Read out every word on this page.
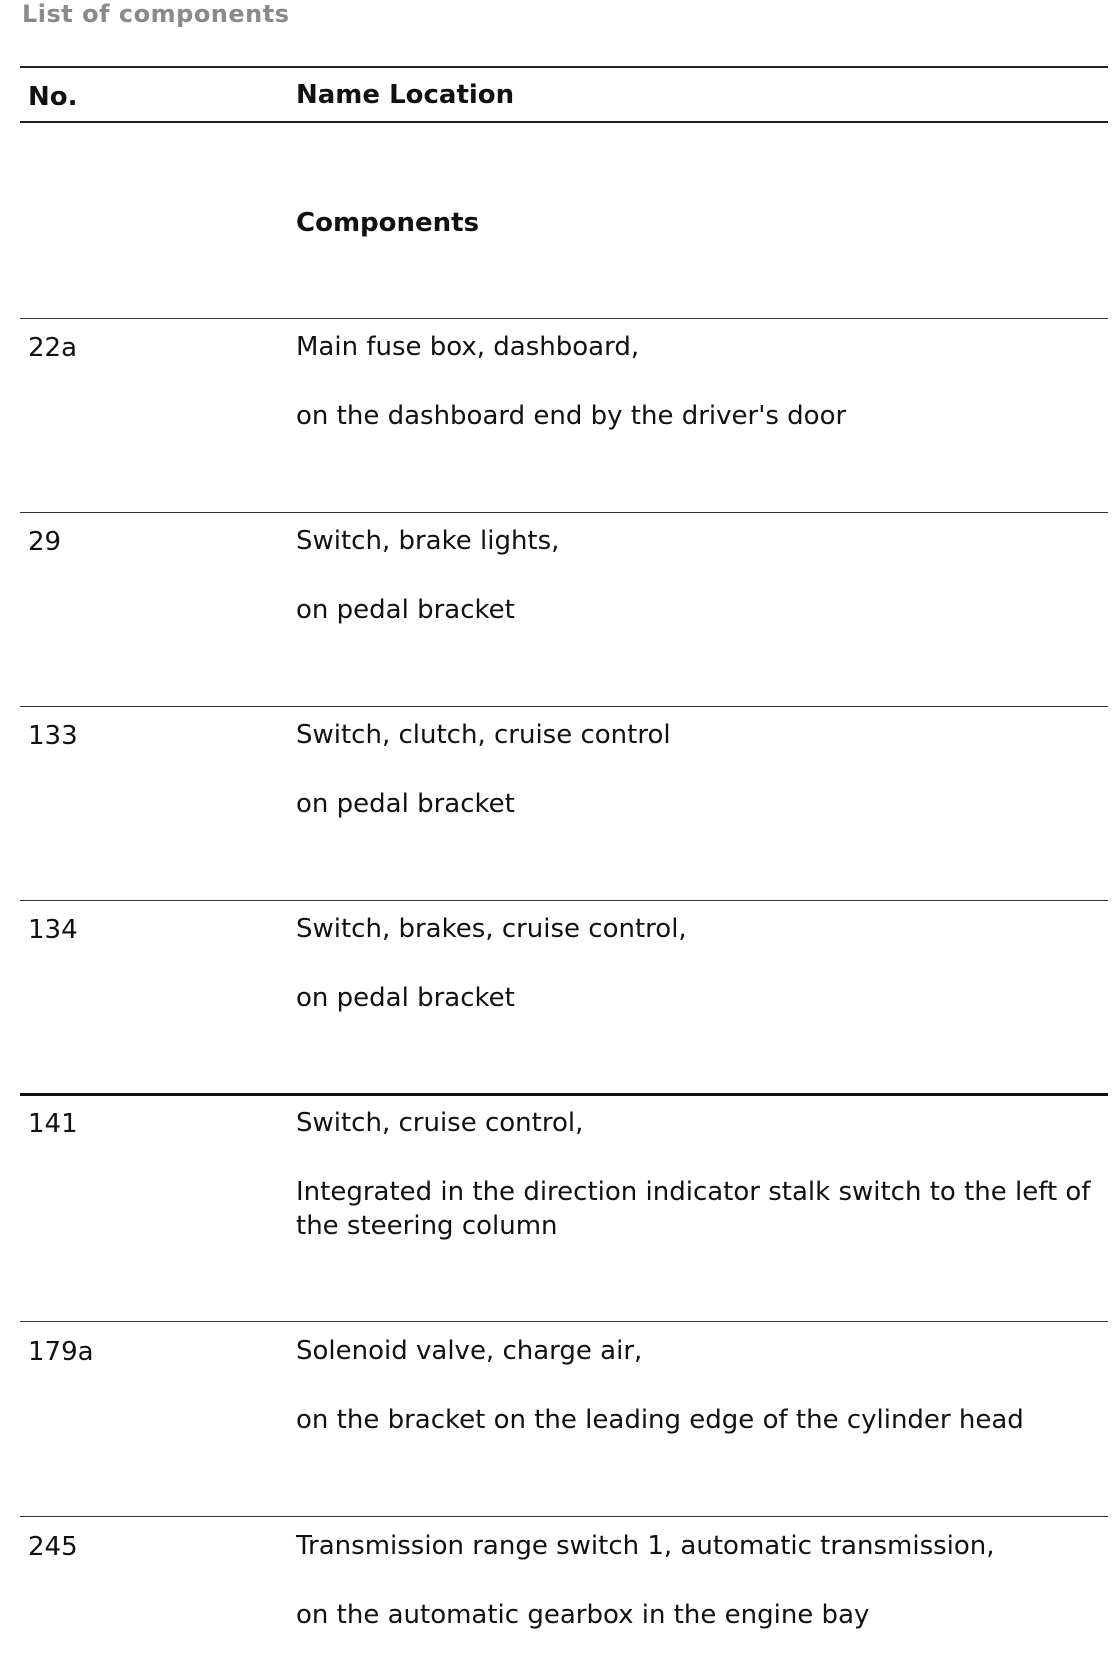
List of components
No.	Name Location
Components
22a	Main fuse box, dashboard,
on the dashboard end by the driver's door
29	Switch, brake lights,
on pedal bracket
133	Switch, clutch, cruise control
on pedal bracket
134	Switch, brakes, cruise control,
on pedal bracket
141	Switch, cruise control,
Integrated in the direction indicator stalk switch to the left of the steering column
179a	Solenoid valve, charge air,
on the bracket on the leading edge of the cylinder head
245	Transmission range switch 1, automatic transmission,
on the automatic gearbox in the engine bay
